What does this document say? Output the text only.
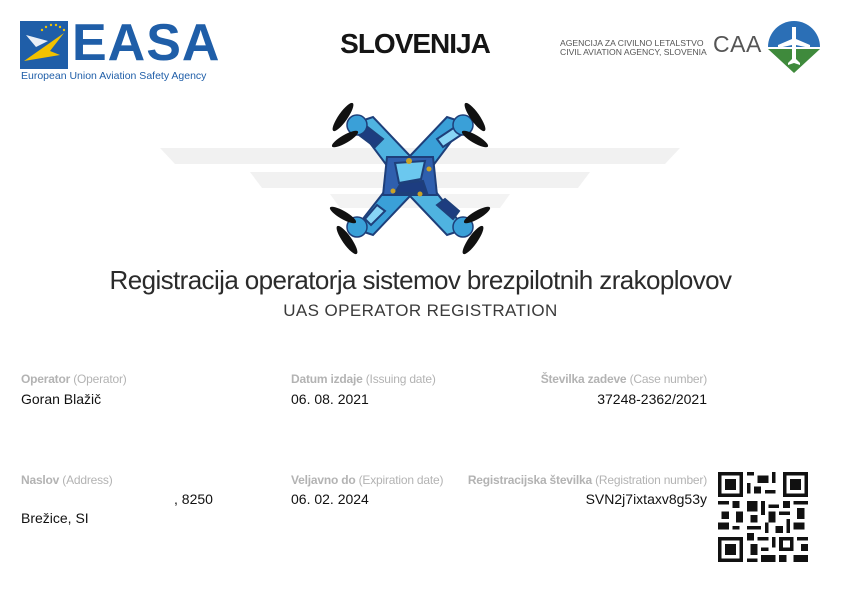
EASA
European Union Aviation Safety Agency
SLOVENIJA	AGENCIJA ZA CIVILNO LETALSTVO
CIVIL AVIATION AGENCY, SLOVENIA CAA
Registracija operatorja sistemov brezpilotnih zrakoplovov
UAS OPERATOR REGISTRATION
Operator (Operator)
Goran Blažič
Datum izdaje (Issuing date)
06. 08. 2021
Številka zadeve (Case number)
37248-2362/2021
Naslov (Address)
, 8250
Brežice, SI
Veljavno do (Expiration date)
06. 02. 2024
Registracijska številka (Registration number)
SVN2j7ixtaxv8g53y
